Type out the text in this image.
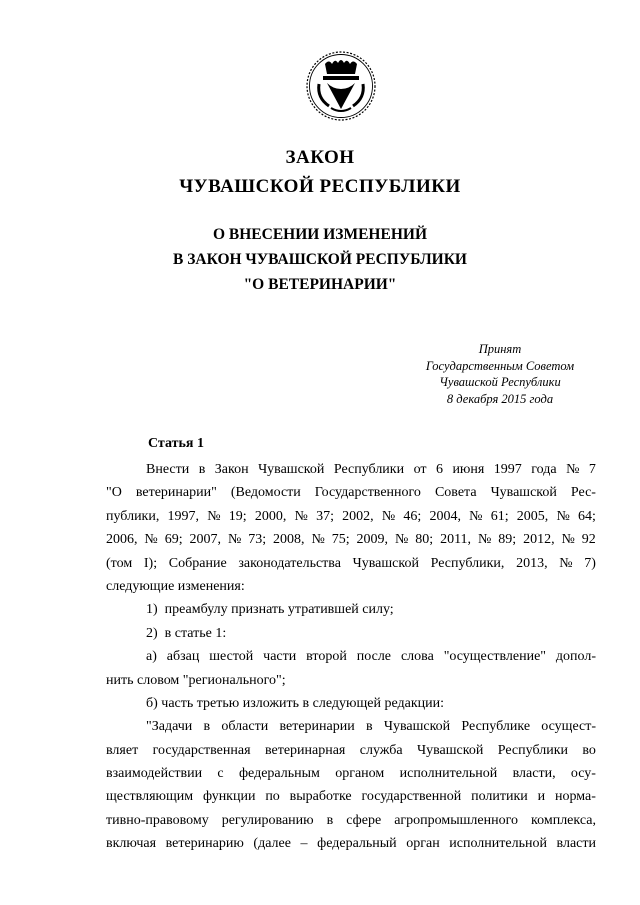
ЗАКОН
ЧУВАШСКОЙ РЕСПУБЛИКИ
О ВНЕСЕНИИ ИЗМЕНЕНИЙ
В ЗАКОН ЧУВАШСКОЙ РЕСПУБЛИКИ
"О ВЕТЕРИНАРИИ"
Принят
Государственным Советом
Чувашской Республики
8 декабря 2015 года
Статья 1
Внести в Закон Чувашской Республики от 6 июня 1997 года № 7
"О ветеринарии" (Ведомости Государственного Совета Чувашской Рес-
публики, 1997, № 19; 2000, № 37; 2002, № 46; 2004, № 61; 2005, № 64;
2006, № 69; 2007, № 73; 2008, № 75; 2009, № 80; 2011, № 89; 2012, № 92
(том I); Собрание законодательства Чувашской Республики, 2013, № 7)
следующие изменения:
1)  преамбулу признать утратившей силу;
2)  в статье 1:
а) абзац шестой части второй после слова "осуществление" допол-
нить словом "регионального";
б) часть третью изложить в следующей редакции:
"Задачи в области ветеринарии в Чувашской Республике осущест-
вляет государственная ветеринарная служба Чувашской Республики во
взаимодействии с федеральным органом исполнительной власти, осу-
ществляющим функции по выработке государственной политики и норма-
тивно-правовому регулированию в сфере агропромышленного комплекса,
включая ветеринарию (далее – федеральный орган исполнительной власти
